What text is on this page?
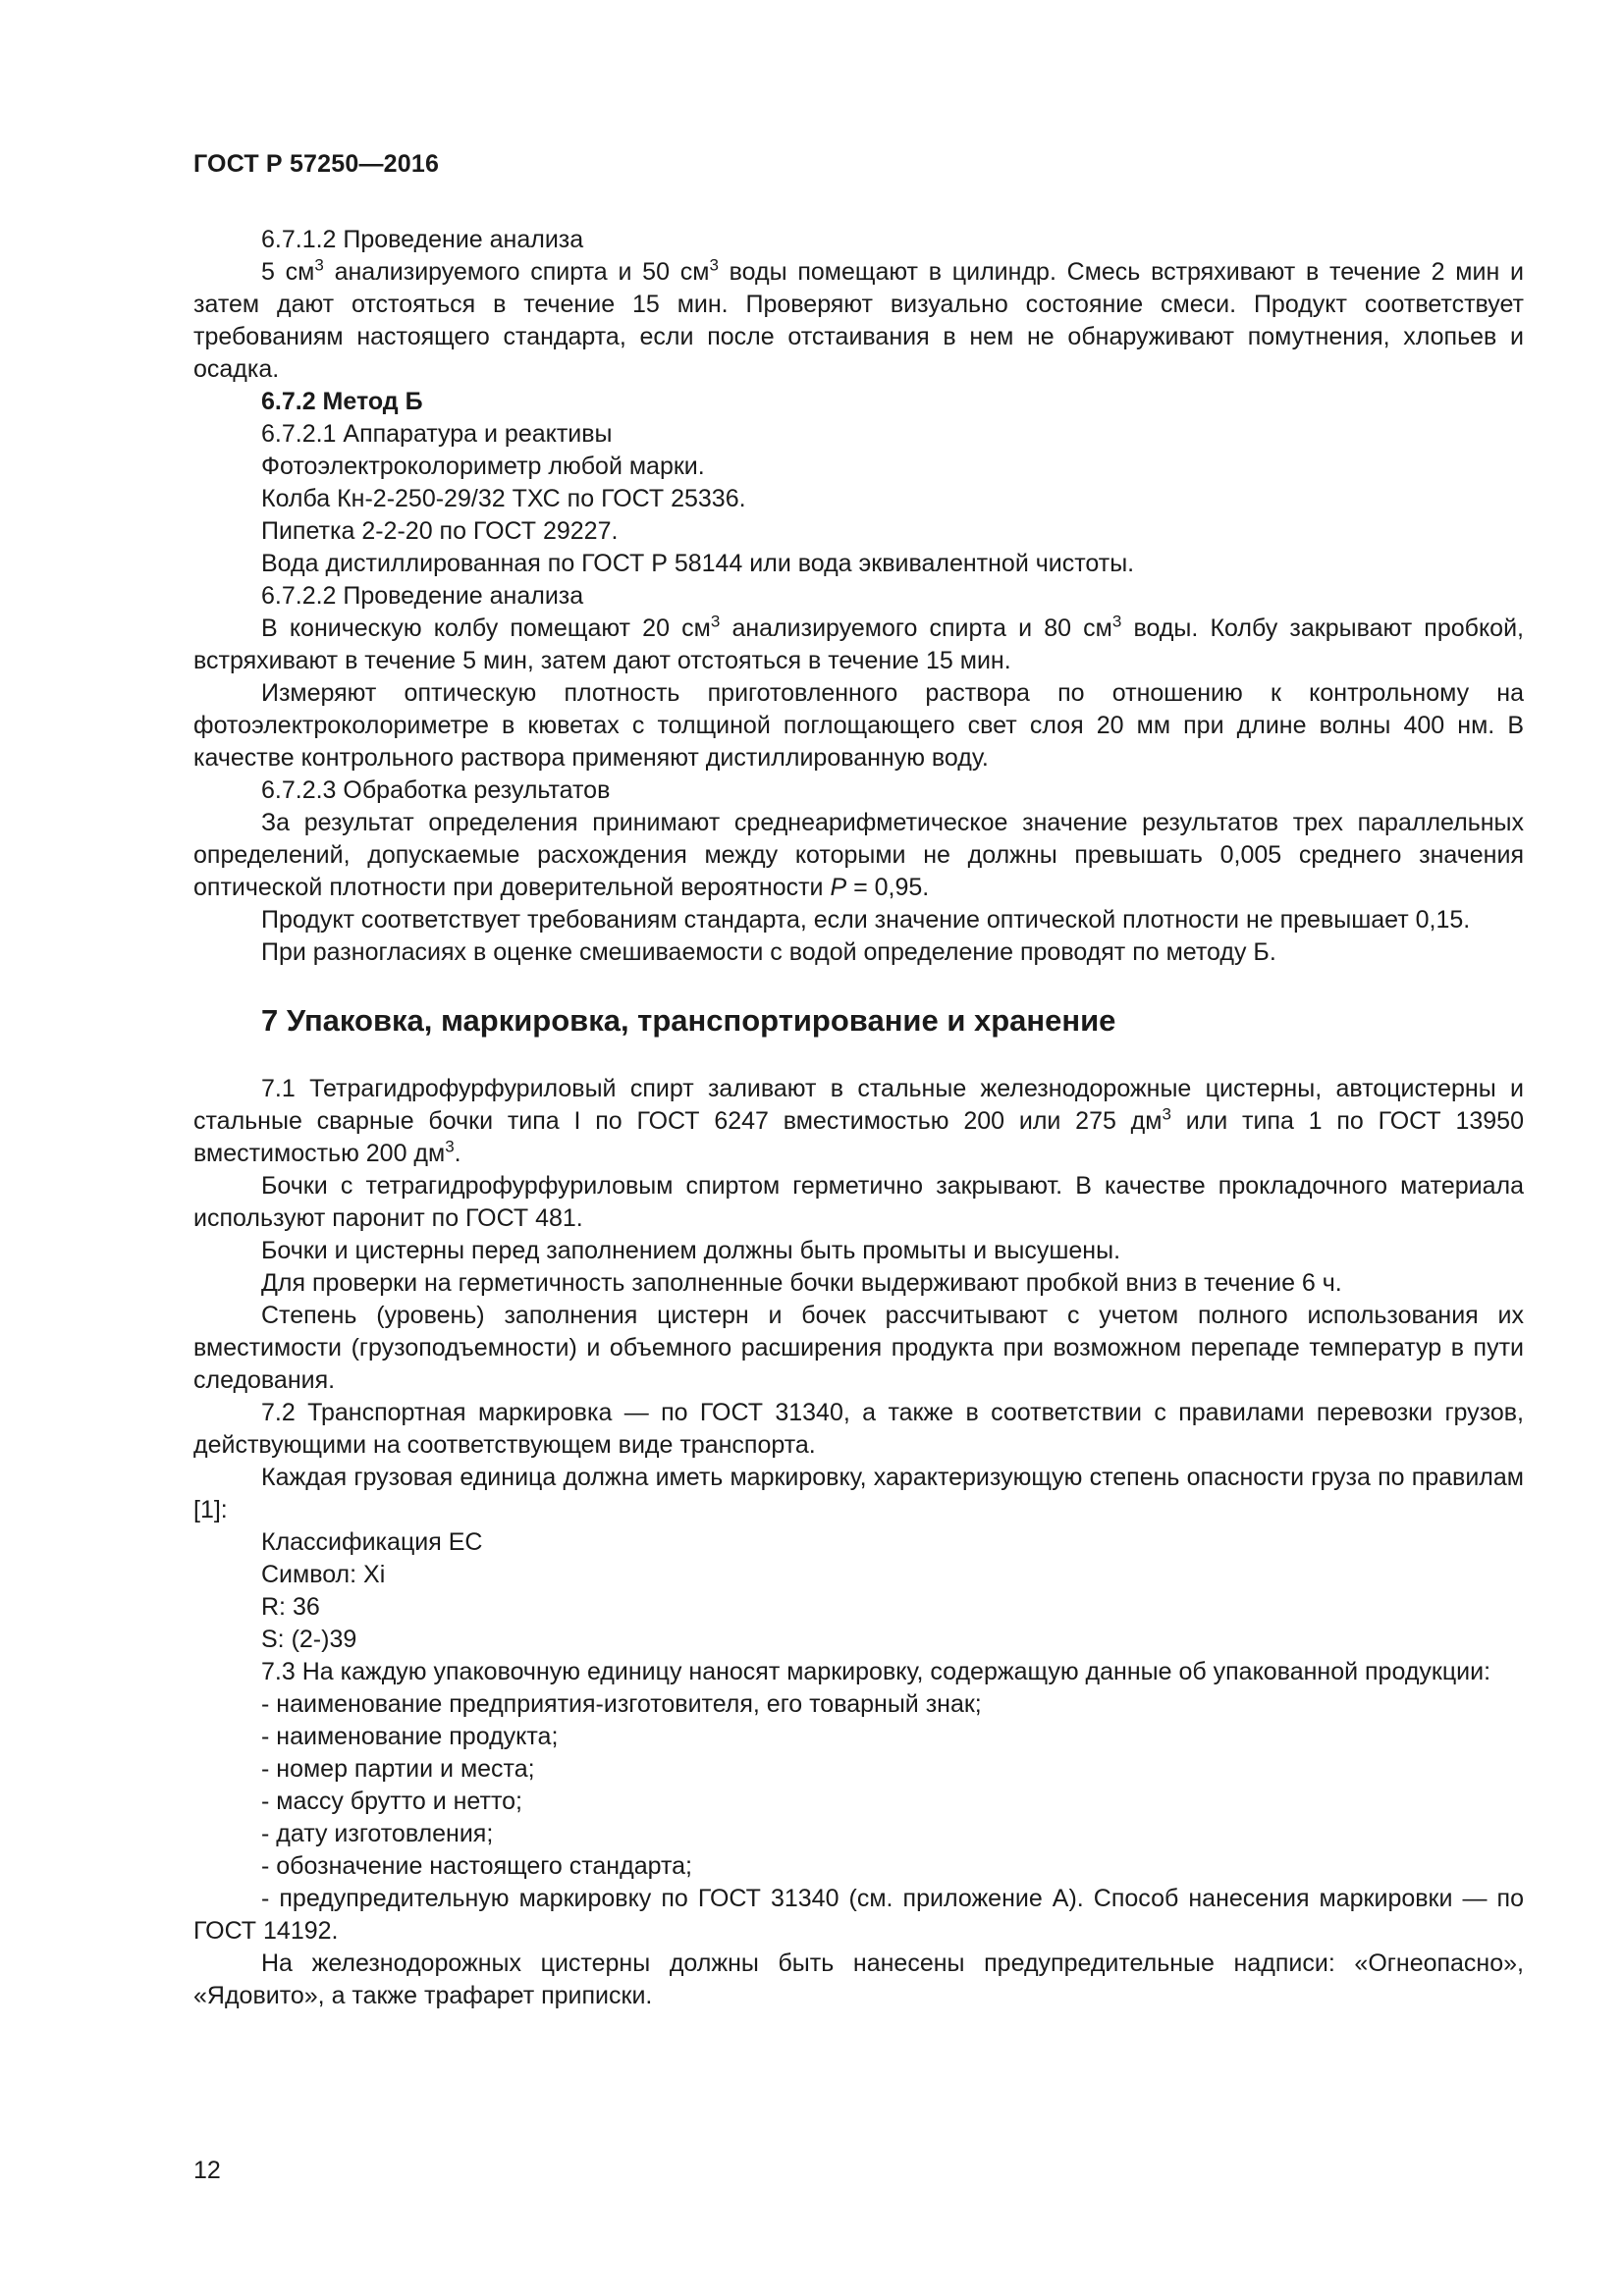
ГОСТ Р 57250—2016

6.7.1.2 Проведение анализа

5 $см^3$ анализируемого спирта и 50 $см^3$ воды помещают в цилиндр. Смесь встряхивают в течение 2 мин и затем дают отстояться в течение 15 мин. Проверяют визуально состояние смеси. Продукт соответствует требованиям настоящего стандарта, если после отстаивания в нем не обнаруживают помутнения, хлопьев и осадка.

6.7.2 Метод Б

6.7.2.1 Аппаратура и реактивы

Фотоэлектроколориметр любой марки.

Колба Кн-2-250-29/32 ТХС по ГОСТ 25336.

Пипетка 2-2-20 по ГОСТ 29227.

Вода дистиллированная по ГОСТ Р 58144 или вода эквивалентной чистоты.

6.7.2.2 Проведение анализа

В коническую колбу помещают 20 $см^3$ анализируемого спирта и 80 $см^3$ воды. Колбу закрывают пробкой, встряхивают в течение 5 мин, затем дают отстояться в течение 15 мин.

Измеряют оптическую плотность приготовленного раствора по отношению к контрольному на фотоэлектроколориметре в кюветах с толщиной поглощающего свет слоя 20 мм при длине волны 400 нм. В качестве контрольного раствора применяют дистиллированную воду.

6.7.2.3 Обработка результатов

За результат определения принимают среднеарифметическое значение результатов трех параллельных определений, допускаемые расхождения между которыми не должны превышать 0,005 среднего значения оптической плотности при доверительной вероятности P = 0,95.

Продукт соответствует требованиям стандарта, если значение оптической плотности не превышает 0,15.

При разногласиях в оценке смешиваемости с водой определение проводят по методу Б.

7 Упаковка, маркировка, транспортирование и хранение

7.1 Тетрагидрофурфуриловый спирт заливают в стальные железнодорожные цистерны, автоцистерны и стальные сварные бочки типа I по ГОСТ 6247 вместимостью 200 или 275 $дм^3$ или типа 1 по ГОСТ 13950 вместимостью 200 $дм^3$.

Бочки с тетрагидрофурфуриловым спиртом герметично закрывают. В качестве прокладочного материала используют паронит по ГОСТ 481.

Бочки и цистерны перед заполнением должны быть промыты и высушены.

Для проверки на герметичность заполненные бочки выдерживают пробкой вниз в течение 6 ч.

Степень (уровень) заполнения цистерн и бочек рассчитывают с учетом полного использования их вместимости (грузоподъемности) и объемного расширения продукта при возможном перепаде температур в пути следования.

7.2 Транспортная маркировка — по ГОСТ 31340, а также в соответствии с правилами перевозки грузов, действующими на соответствующем виде транспорта.

Каждая грузовая единица должна иметь маркировку, характеризующую степень опасности груза по правилам [1]:

Классификация ЕС

Символ: Xi

R: 36

S: (2-)39

7.3 На каждую упаковочную единицу наносят маркировку, содержащую данные об упакованной продукции:

- наименование предприятия-изготовителя, его товарный знак;

- наименование продукта;

- номер партии и места;

- массу брутто и нетто;

- дату изготовления;

- обозначение настоящего стандарта;

- предупредительную маркировку по ГОСТ 31340 (см. приложение А). Способ нанесения маркировки — по ГОСТ 14192.

На железнодорожных цистерны должны быть нанесены предупредительные надписи: «Огнеопасно», «Ядовито», а также трафарет приписки.

12
